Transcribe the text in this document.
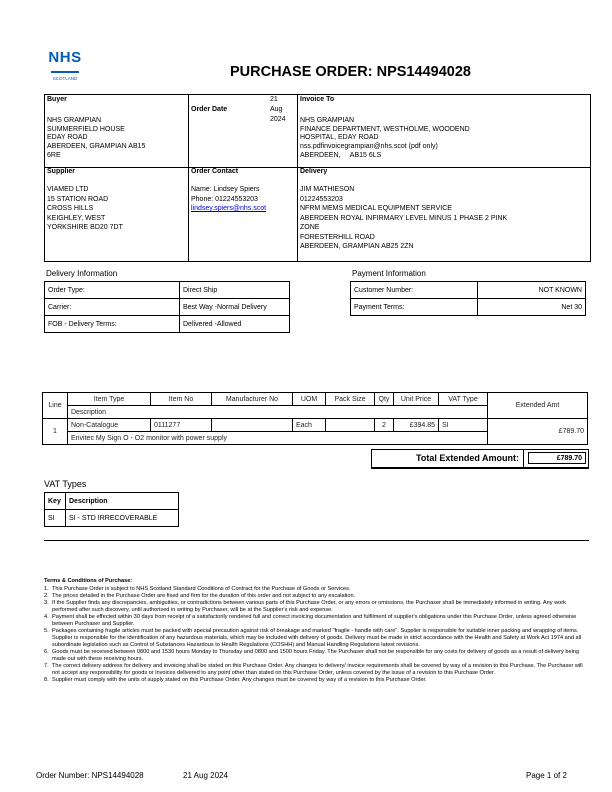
NHS
SCOTLAND	PURCHASE ORDER: NPS14494028
Buyer
NHS GRAMPIAN
SUMMERFIELD HOUSE
EDAY ROAD
ABERDEEN, GRAMPIAN AB15
6RE
Order Date
21
Aug
2024
Invoice To
NHS GRAMPIAN
FINANCE DEPARTMENT, WESTHOLME, WOODEND
HOSPITAL, EDAY ROAD
nss.pdfinvoicegrampian@nhs.scot (pdf only)
ABERDEEN,     AB15 6LS
Supplier
VIAMED LTD
15 STATION ROAD
CROSS HILLS
KEIGHLEY, WEST
YORKSHIRE BD20 7DT
Order Contact
Name: Lindsey Spiers
Phone: 01224553203
lindsey.spiers@nhs.scot
Delivery
JIM MATHIESON
01224553203
NFRM MEMS MEDICAL EQUIPMENT SERVICE
ABERDEEN ROYAL INFIRMARY LEVEL MINUS 1 PHASE 2 PINK
ZONE
FORESTERHILL ROAD
ABERDEEN, GRAMPIAN AB25 2ZN
Delivery Information
Order Type:	Direct Ship
Carrier:	Best Way -Normal Delivery
FOB - Delivery Terms:	Delivered -Allowed
Payment Information
Customer Number:	NOT KNOWN
Payment Terms:	Net 30
Line	Item Type	Item No	Manufacturer No	UOM	Pack Size	Qty	Unit Price	VAT Type	Extended Amt
	Description								
1	Non-Catalogue	0111277		Each		2	£394.85	SI	£789.70
	Envitec My Sign O - O2 monitor with power supply								
Total Extended Amount:	£789.70
VAT Types
Key	Description
SI	SI - STD IRRECOVERABLE
Terms & Conditions of Purchase:
1. This Purchase Order is subject to NHS Scotland Standard Conditions of Contract for the Purchase of Goods or Services.
2. The prices detailed in the Purchase Order are fixed and firm for the duration of this order and not subject to any escalation.
3. If the Supplier finds any discrepancies, ambiguities, or contradictions between various parts of this Purchase Order, or any errors or omissions, the Purchaser shall be immediately informed in writing. Any work performed after such discovery, until authorised in writing by Purchaser, will be at the Supplier's risk and expense.
4. Payment shall be effected within 30 days from receipt of a satisfactorily rendered full and correct invoicing documentation and fulfilment of supplier's obligations under this Purchase Order, unless agreed otherwise between Purchaser and Supplier.
5. Packages containing fragile articles must be packed with special precaution against risk of breakage and marked "fragile - handle with care". Supplier is responsible for suitable inner packing and wrapping of items. Supplier is responsible for the identification of any hazardous materials, which may be included with delivery of goods. Delivery must be made in strict accordance with the Health and Safety at Work Act 1974 and all subordinate legislation such as Control of Substances Hazardous to Health Regulations (COSHH) and Manual Handling Regulations latest revisions.
6. Goods must be received between 0800 and 1530 hours Monday to Thursday and 0800 and 1500 hours Friday. The Purchaser shall not be responsible for any costs for delivery of goods as a result of delivery being made out with these receiving hours.
7. The correct delivery address for delivery and invoicing shall be stated on this Purchase Order. Any changes to delivery/ invoice requirements shall be covered by way of a revision to this Purchase. The Purchaser will not accept any responsibility for goods or invoices delivered to any point other than stated on this Purchase Order, unless covered by the issue of a revision to this Purchase Order.
8. Supplier must comply with the units of supply stated on this Purchase Order. Any changes must be covered by way of a revision to this Purchase Order.
Order Number: NPS14494028	21 Aug 2024	Page 1 of 2
